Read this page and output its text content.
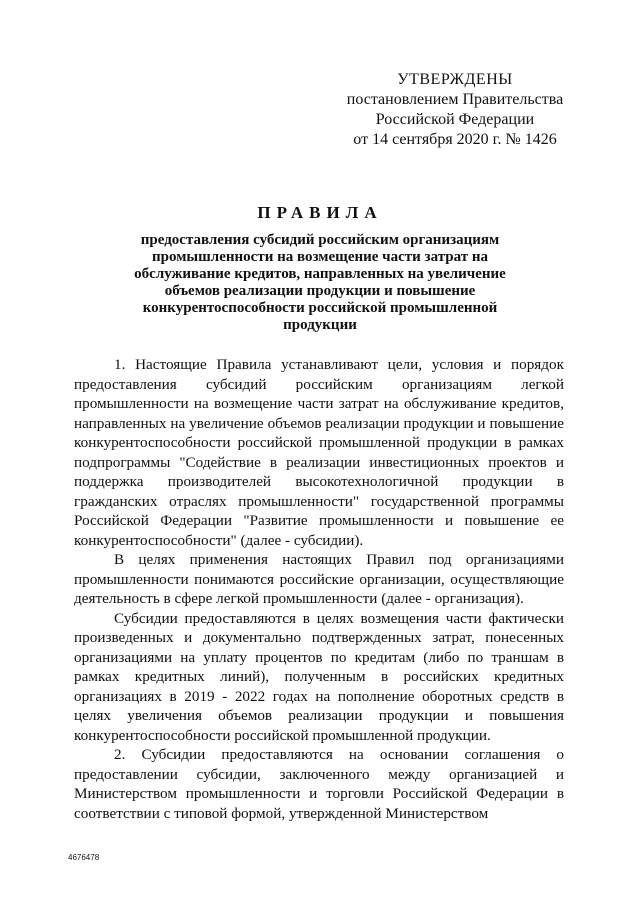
УТВЕРЖДЕНЫ
постановлением Правительства
Российской Федерации
от 14 сентября 2020 г. № 1426
ПРАВИЛА
предоставления субсидий российским организациям промышленности на возмещение части затрат на обслуживание кредитов, направленных на увеличение объемов реализации продукции и повышение конкурентоспособности российской промышленной продукции

1. Настоящие Правила устанавливают цели, условия и порядок предоставления субсидий российским организациям легкой промышленности на возмещение части затрат на обслуживание кредитов, направленных на увеличение объемов реализации продукции и повышение конкурентоспособности российской промышленной продукции в рамках подпрограммы "Содействие в реализации инвестиционных проектов и поддержка производителей высокотехнологичной продукции в гражданских отраслях промышленности" государственной программы Российской Федерации "Развитие промышленности и повышение ее конкурентоспособности" (далее - субсидии).

В целях применения настоящих Правил под организациями промышленности понимаются российские организации, осуществляющие деятельность в сфере легкой промышленности (далее - организация).

Субсидии предоставляются в целях возмещения части фактически произведенных и документально подтвержденных затрат, понесенных организациями на уплату процентов по кредитам (либо по траншам в рамках кредитных линий), полученным в российских кредитных организациях в 2019 - 2022 годах на пополнение оборотных средств в целях увеличения объемов реализации продукции и повышения конкурентоспособности российской промышленной продукции.

2. Субсидии предоставляются на основании соглашения о предоставлении субсидии, заключенного между организацией и Министерством промышленности и торговли Российской Федерации в соответствии с типовой формой, утвержденной Министерством

4676478
